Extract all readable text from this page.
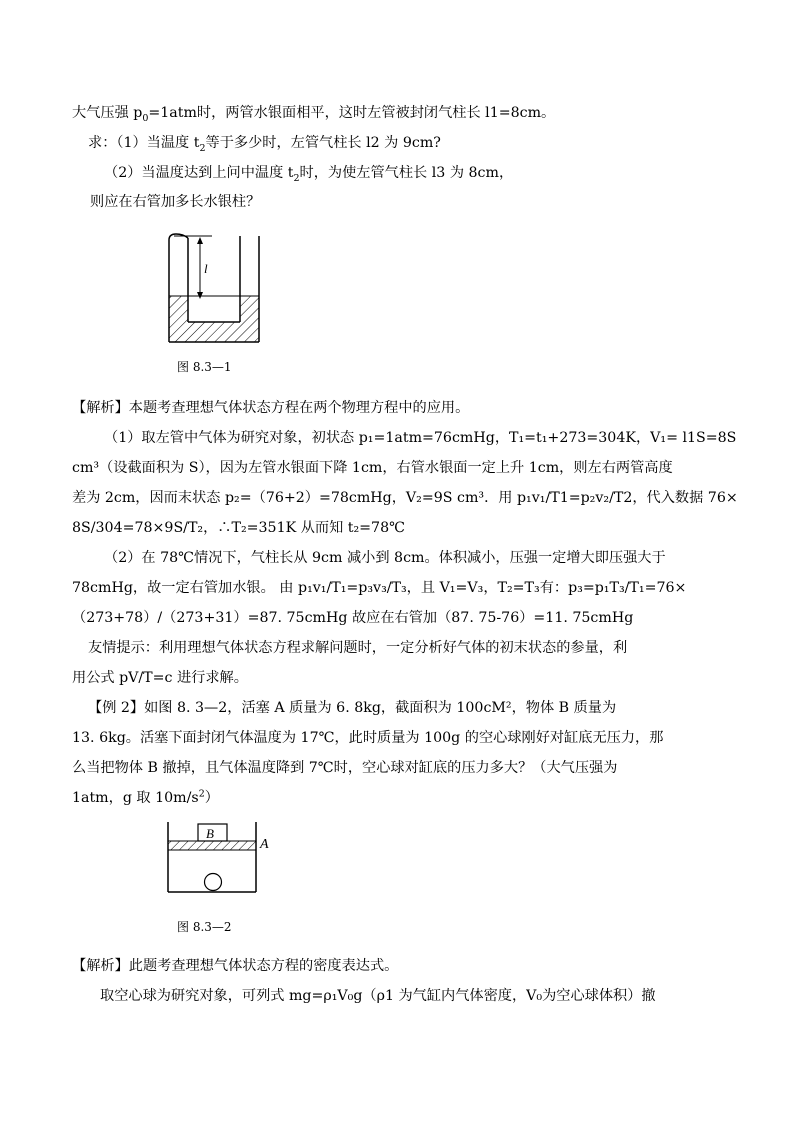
大气压强 $p_0=1atm$时，两管水银面相平，这时左管被封闭气柱长 l1=8cm。
求：（1）当温度 $t_2$等于多少时，左管气柱长 l2 为 9cm?
（2）当温度达到上问中温度 $t_2$时，为使左管气柱长 l3 为 8cm，
则应在右管加多长水银柱？
l
图 8.3—1
【解析】本题考查理想气体状态方程在两个物理方程中的应用。
（1）取左管中气体为研究对象，初状态 p₁=1atm=76cmHg，T₁=t₁+273=304K，V₁= l1S=8S
cm³（设截面积为 S），因为左管水银面下降 1cm，右管水银面一定上升 1cm，则左右两管高度
差为 2cm，因而末状态 p₂=（76+2）=78cmHg，V₂=9S cm³．用 p₁v₁/T1=p₂v₂/T2，代入数据 76×
8S/304=78×9S/T₂，∴T₂=351K 从而知 t₂=78℃
（2）在 78℃情况下，气柱长从 9cm 减小到 8cm。体积减小，压强一定增大即压强大于
78cmHg，故一定右管加水银。 由 p₁v₁/T₁=p₃v₃/T₃，且 V₁=V₃，T₂=T₃有：p₃=p₁T₃/T₁=76×
（273+78）/（273+31）=87. 75cmHg 故应在右管加（87. 75-76）=11. 75cmHg
友情提示：利用理想气体状态方程求解问题时，一定分析好气体的初末状态的参量，利
用公式 pV/T=c 进行求解。
【例 2】如图 8. 3—2，活塞 A 质量为 6. 8kg，截面积为 100cM²，物体 B 质量为
13. 6kg。活塞下面封闭气体温度为 17℃，此时质量为 100g 的空心球刚好对缸底无压力，那
么当把物体 B 撤掉，且气体温度降到 7℃时，空心球对缸底的压力多大？（大气压强为
1atm，g 取 $10m/s^2$）
B
A
图 8.3—2
【解析】此题考查理想气体状态方程的密度表达式。
取空心球为研究对象，可列式 mg=ρ₁V₀g（ρ1 为气缸内气体密度，V₀为空心球体积）撤
